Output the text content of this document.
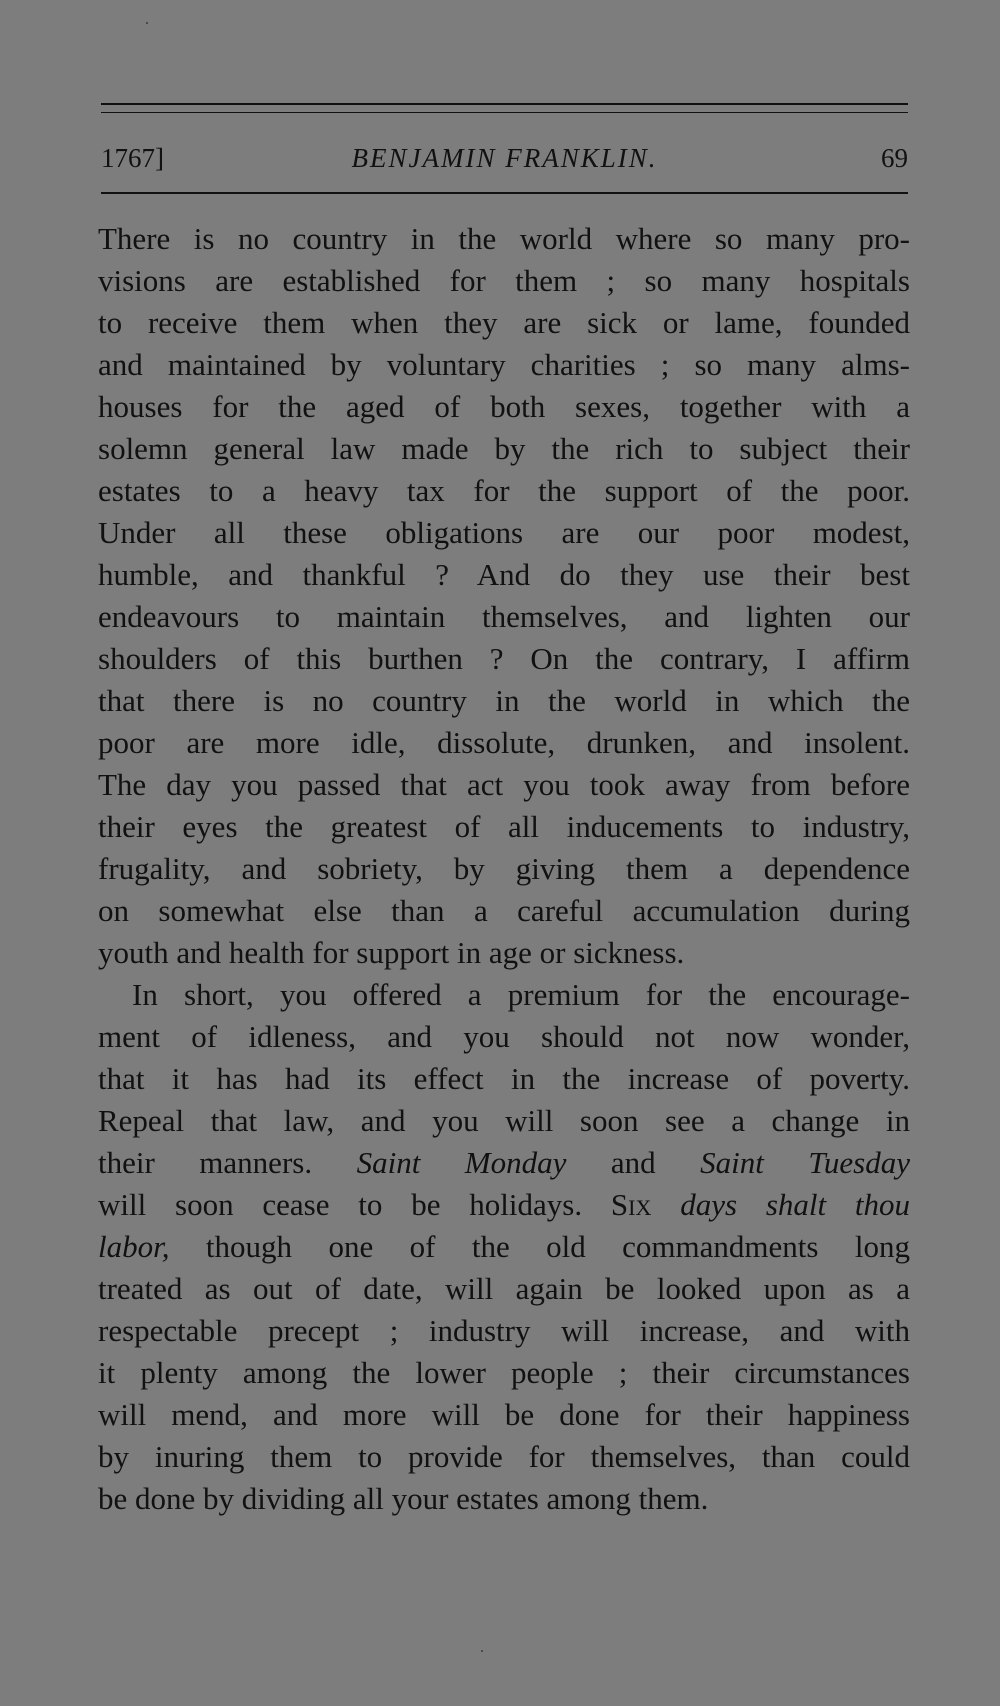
1767]	BENJAMIN FRANKLIN.	69
There is no country in the world where so many pro-
visions are established for them ; so many hospitals
to receive them when they are sick or lame, founded
and maintained by voluntary charities ; so many alms-
houses for the aged of both sexes, together with a
solemn general law made by the rich to subject their
estates to a heavy tax for the support of the poor.
Under all these obligations are our poor modest,
humble, and thankful ? And do they use their best
endeavours to maintain themselves, and lighten our
shoulders of this burthen ? On the contrary, I affirm
that there is no country in the world in which the
poor are more idle, dissolute, drunken, and insolent.
The day you passed that act you took away from before
their eyes the greatest of all inducements to industry,
frugality, and sobriety, by giving them a dependence
on somewhat else than a careful accumulation during
youth and health for support in age or sickness.
In short, you offered a premium for the encourage-
ment of idleness, and you should not now wonder,
that it has had its effect in the increase of poverty.
Repeal that law, and you will soon see a change in
their manners. Saint Monday and Saint Tuesday
will soon cease to be holidays. Six days shalt thou
labor, though one of the old commandments long
treated as out of date, will again be looked upon as a
respectable precept ; industry will increase, and with
it plenty among the lower people ; their circumstances
will mend, and more will be done for their happiness
by inuring them to provide for themselves, than could
be done by dividing all your estates among them.
